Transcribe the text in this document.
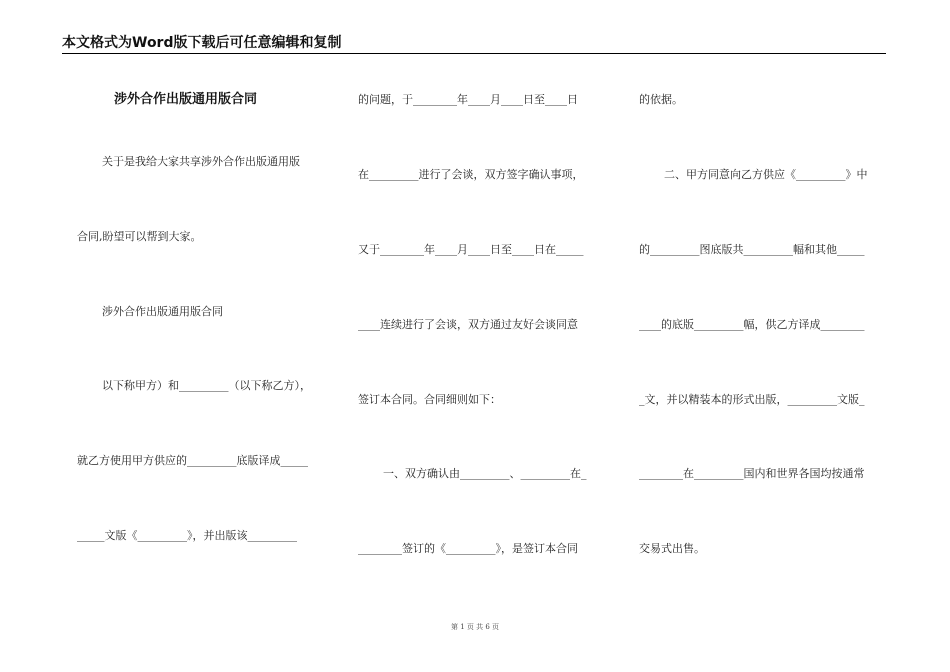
本文格式为Word版下载后可任意编辑和复制
涉外合作出版通用版合同
关于是我给大家共享涉外合作出版通用版
合同,盼望可以帮到大家。
涉外合作出版通用版合同
以下称甲方）和_________（以下称乙方），
就乙方使用甲方供应的_________底版译成_____
_____文版《_________》，并出版该_________
的问题，于________年____月____日至____日
在_________进行了会谈，双方签字确认事项，
又于________年____月____日至____日在_____
____连续进行了会谈，双方通过友好会谈同意
签订本合同。合同细则如下：
一、双方确认由_________、_________在_
________签订的《_________》，是签订本合同
的依据。
二、甲方同意向乙方供应《_________》中
的_________图底版共_________幅和其他_____
____的底版_________幅，供乙方译成________
_文，并以精装本的形式出版，_________文版_
________在_________国内和世界各国均按通常
交易式出售。
第 1 页 共 6 页
